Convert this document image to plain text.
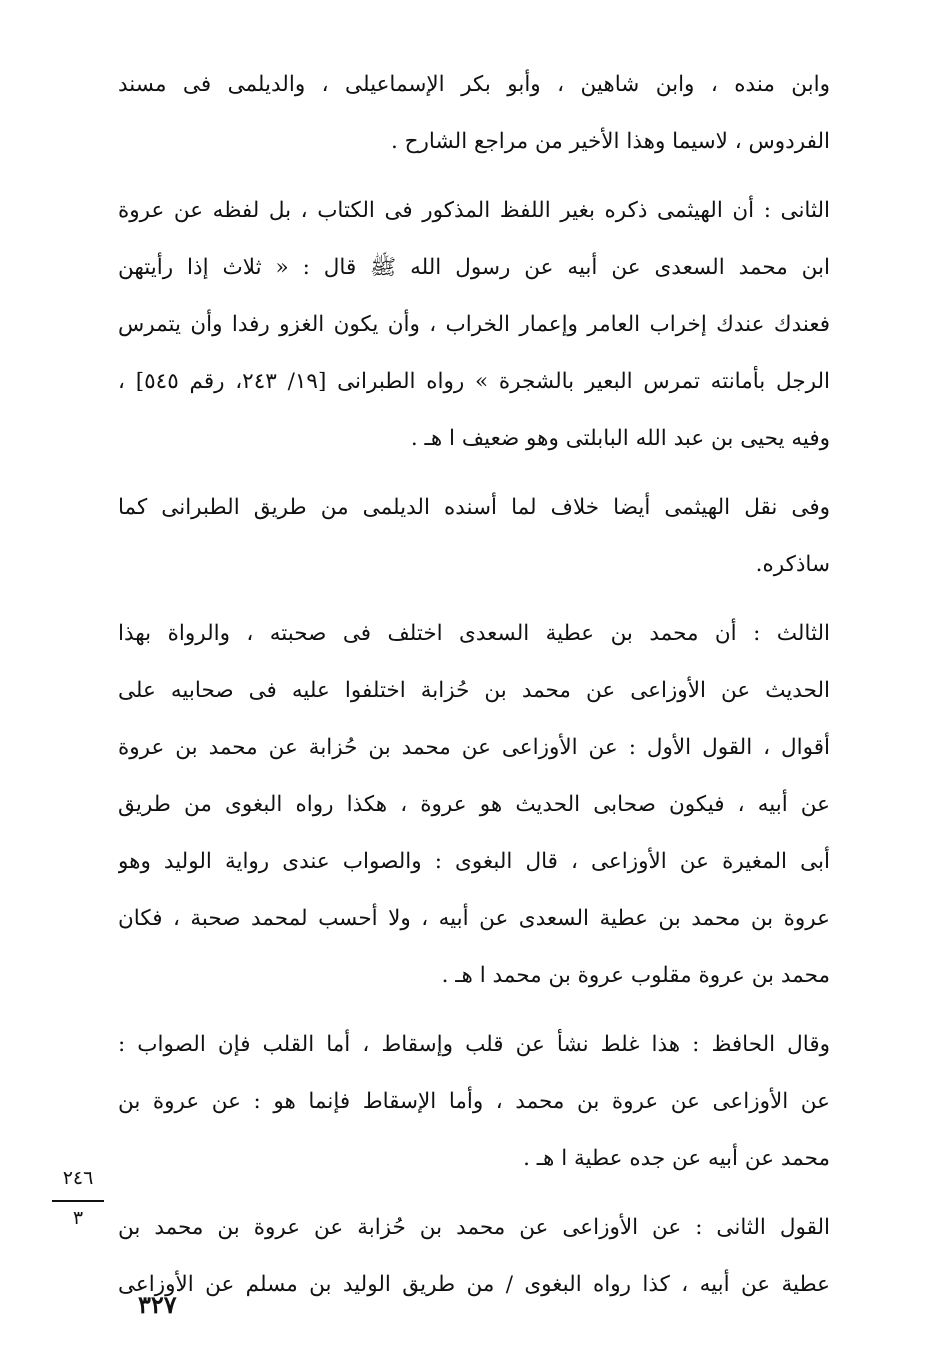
وابن منده ، وابن شاهين ، وأبو بكر الإسماعيلى ، والديلمى فى مسند
الفردوس ، لاسيما وهذا الأخير من مراجع الشارح .
الثانى : أن الهيثمى ذكره بغير اللفظ المذكور فى الكتاب ، بل لفظه عن عروة
ابن محمد السعدى عن أبيه عن رسول الله ﷺ قال : « ثلاث إذا رأيتهن
فعندك عندك إخراب العامر وإعمار الخراب ، وأن يكون الغزو رفدا وأن يتمرس
الرجل بأمانته تمرس البعير بالشجرة » رواه الطبرانى [١٩/ ٢٤٣، رقم ٥٤٥] ،
وفيه يحيى بن عبد الله البابلتى وهو ضعيف ا هـ .
وفى نقل الهيثمى أيضا خلاف لما أسنده الديلمى من طريق الطبرانى كما
ساذكره.
الثالث : أن محمد بن عطية السعدى اختلف فى صحبته ، والرواة بهذا
الحديث عن الأوزاعى عن محمد بن حُزابة اختلفوا عليه فى صحابيه على
أقوال ، القول الأول : عن الأوزاعى عن محمد بن حُزابة عن محمد بن عروة
عن أبيه ، فيكون صحابى الحديث هو عروة ، هكذا رواه البغوى من طريق
أبى المغيرة عن الأوزاعى ، قال البغوى : والصواب عندى رواية الوليد وهو
عروة بن محمد بن عطية السعدى عن أبيه ، ولا أحسب لمحمد صحبة ، فكان
محمد بن عروة مقلوب عروة بن محمد ا هـ .
وقال الحافظ : هذا غلط نشأ عن قلب وإسقاط ، أما القلب فإن الصواب :
عن الأوزاعى عن عروة بن محمد ، وأما الإسقاط فإنما هو : عن عروة بن
محمد عن أبيه عن جده عطية ا هـ .
القول الثانى : عن الأوزاعى عن محمد بن حُزابة عن عروة بن محمد بن
عطية عن أبيه ، كذا رواه البغوى / من طريق الوليد بن مسلم عن الأوزاعى
٢٤٦
٣
٣٢٧
